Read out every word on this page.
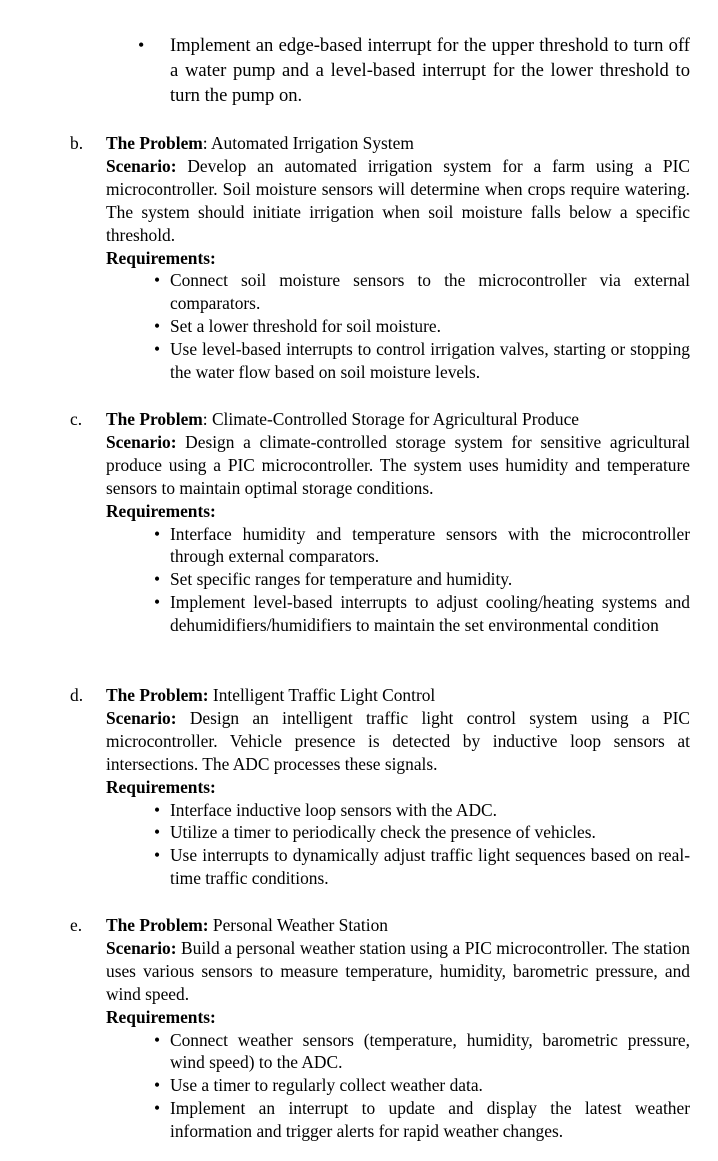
• Implement an edge-based interrupt for the upper threshold to turn off a water pump and a level-based interrupt for the lower threshold to turn the pump on.
b. The Problem: Automated Irrigation System

Scenario: Develop an automated irrigation system for a farm using a PIC microcontroller. Soil moisture sensors will determine when crops require watering. The system should initiate irrigation when soil moisture falls below a specific threshold.

Requirements:

• Connect soil moisture sensors to the microcontroller via external comparators.
• Set a lower threshold for soil moisture.
• Use level-based interrupts to control irrigation valves, starting or stopping the water flow based on soil moisture levels.
c. The Problem: Climate-Controlled Storage for Agricultural Produce

Scenario: Design a climate-controlled storage system for sensitive agricultural produce using a PIC microcontroller. The system uses humidity and temperature sensors to maintain optimal storage conditions.

Requirements:

• Interface humidity and temperature sensors with the microcontroller through external comparators.
• Set specific ranges for temperature and humidity.
• Implement level-based interrupts to adjust cooling/heating systems and dehumidifiers/humidifiers to maintain the set environmental condition
d. The Problem: Intelligent Traffic Light Control

Scenario: Design an intelligent traffic light control system using a PIC microcontroller. Vehicle presence is detected by inductive loop sensors at intersections. The ADC processes these signals.

Requirements:

• Interface inductive loop sensors with the ADC.
• Utilize a timer to periodically check the presence of vehicles.
• Use interrupts to dynamically adjust traffic light sequences based on real-time traffic conditions.
e. The Problem: Personal Weather Station

Scenario: Build a personal weather station using a PIC microcontroller. The station uses various sensors to measure temperature, humidity, barometric pressure, and wind speed.

Requirements:

• Connect weather sensors (temperature, humidity, barometric pressure, wind speed) to the ADC.
• Use a timer to regularly collect weather data.
• Implement an interrupt to update and display the latest weather information and trigger alerts for rapid weather changes.
